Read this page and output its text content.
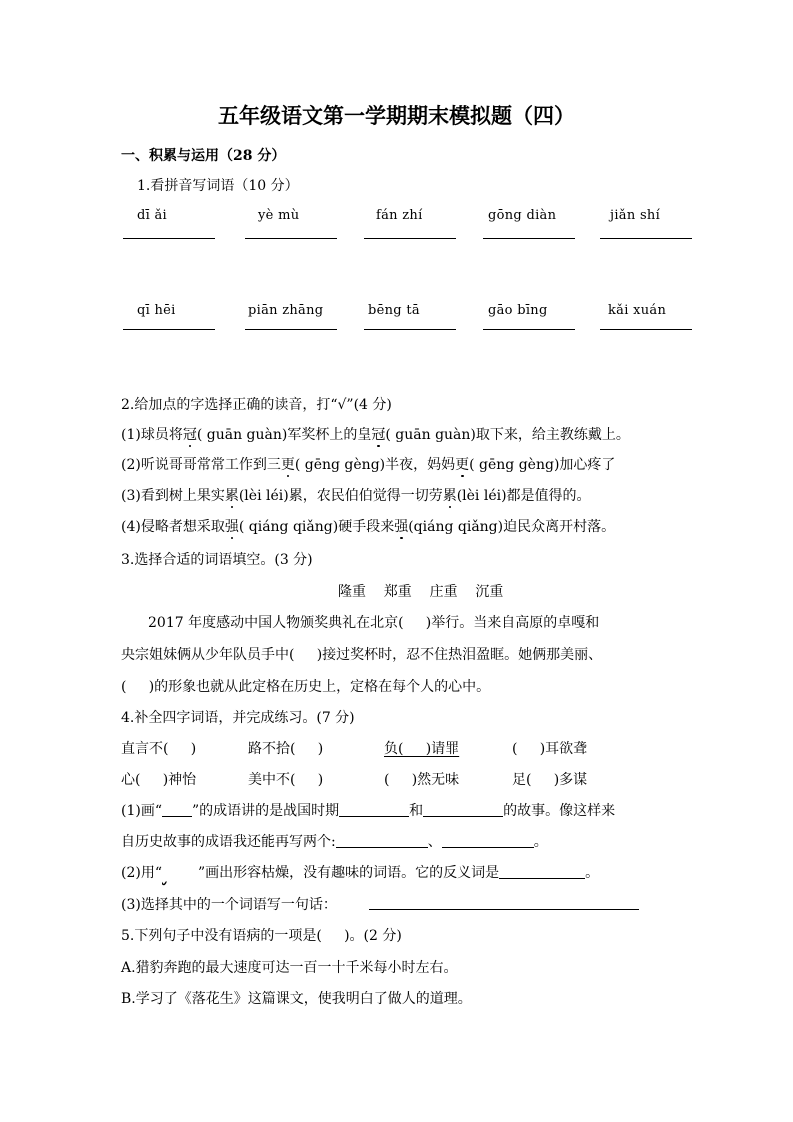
五年级语文第一学期期末模拟题（四）
一、积累与运用（28 分）
1.看拼音写词语（10 分）
dī ǎi	yè mù	fán zhí	gōng diàn	jiǎn shí
qī hēi	piān zhāng	bēng tā	gāo bīng	kǎi xuán
2.给加点的字选择正确的读音，打“√”(4 分)
(1)球员将冠( guān guàn)军奖杯上的皇冠( guān guàn)取下来，给主教练戴上。
(2)听说哥哥常常工作到三更( gēng gèng)半夜，妈妈更( gēng gèng)加心疼了
(3)看到树上果实累(lèi léi)累，农民伯伯觉得一切劳累(lèi léi)都是值得的。
(4)侵略者想采取强( qiáng qiǎng)硬手段来强(qiáng qiǎng)迫民众离开村落。
3.选择合适的词语填空。(3 分)
隆重    郑重    庄重    沉重
2017 年度感动中国人物颁奖典礼在北京(     )举行。当来自高原的卓嘎和
央宗姐妹俩从少年队员手中(     )接过奖杯时，忍不住热泪盈眶。她俩那美丽、
(     )的形象也就从此定格在历史上，定格在每个人的心中。
4.补全四字词语，并完成练习。(7 分)
直言不(     )	路不拾(     )	负(     )请罪	(     )耳欲聋
心(     )神怡	美中不(     )	(     )然无味	足(     )多谋
(1)画“ ”的成语讲的是战国时期	和	的故事。像这样来
自历史故事的成语我还能再写两个:	、	。
(2)用“	”画出形容枯燥，没有趣味的词语。它的反义词是	。
(3)选择其中的一个词语写一句话：
5.下列句子中没有语病的一项是(     )。(2 分)
A.猎豹奔跑的最大速度可达一百一十千米每小时左右。
B.学习了《落花生》这篇课文，使我明白了做人的道理。
